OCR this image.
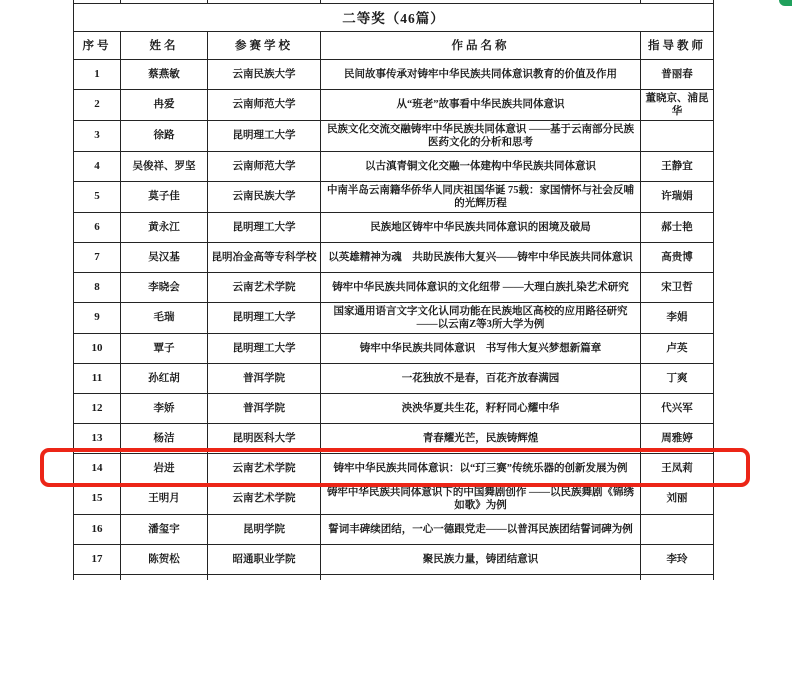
二等奖（46篇）				
序号	姓名	参赛学校	作品名称	指导教师
1	蔡燕敏	云南民族大学	民间故事传承对铸牢中华民族共同体意识教育的价值及作用	普丽春
2	冉爱	云南师范大学	从“班老”故事看中华民族共同体意识	董晓京、浦昆华
3	徐路	昆明理工大学	民族文化交流交融铸牢中华民族共同体意识 ——基于云南部分民族医药文化的分析和思考	
4	吴俊祥、罗坚	云南师范大学	以古滇青铜文化交融一体建构中华民族共同体意识	王静宜
5	莫子佳	云南民族大学	中南半岛云南籍华侨华人同庆祖国华诞 75载：家国情怀与社会反哺的光辉历程	许瑞娟
6	黄永江	昆明理工大学	民族地区铸牢中华民族共同体意识的困境及破局	郝士艳
7	吴汉基	昆明冶金高等专科学校	以英雄精神为魂　共助民族伟大复兴——铸牢中华民族共同体意识	高贵博
8	李晓会	云南艺术学院	铸牢中华民族共同体意识的文化纽带 ——大理白族扎染艺术研究	宋卫哲
9	毛瑞	昆明理工大学	国家通用语言文字文化认同功能在民族地区高校的应用路径研究——以云南Z等3所大学为例	李娟
10	覃子	昆明理工大学	铸牢中华民族共同体意识　书写伟大复兴梦想新篇章	卢英
11	孙红胡	普洱学院	一花独放不是春，百花齐放春满园	丁爽
12	李娇	普洱学院	泱泱华夏共生花，籽籽同心耀中华	代兴军
13	杨洁	昆明医科大学	青春耀光芒，民族铸辉煌	周雅婷
14	岩进	云南艺术学院	铸牢中华民族共同体意识：以“玎三赛”传统乐器的创新发展为例	王凤莉
15	王明月	云南艺术学院	铸牢中华民族共同体意识下的中国舞剧创作 ——以民族舞剧《锦绣如歌》为例	刘丽
16	潘玺宇	昆明学院	誓词丰碑续团结，一心一德跟党走——以普洱民族团结誓词碑为例	
17	陈贺松	昭通职业学院	聚民族力量，铸团结意识	李玲
